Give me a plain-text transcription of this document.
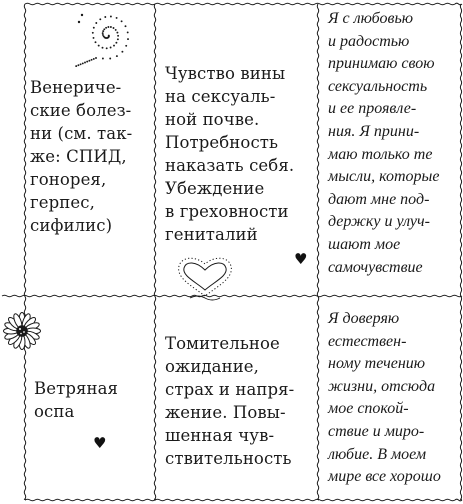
Венериче-
ские болез-
ни (см. так-
же: СПИД,
гонорея,
герпес,
сифилис)
Чувство вины
на сексуаль-
ной почве.
Потребность
наказать себя.
Убеждение
в греховности
гениталий
♥
Я с любовью
и радостью
принимаю свою
сексуальность
и ее проявле-
ния. Я прини-
маю только те
мысли, которые
дают мне под-
держку и улуч-
шают мое
самочувствие
Ветряная
оспа
♥
Томительное
ожидание,
страх и напря-
жение. Повы-
шенная чув-
ствительность
Я доверяю
естествен-
ному течению
жизни, отсюда
мое спокой-
ствие и миро-
любие. В моем
мире все хорошо
